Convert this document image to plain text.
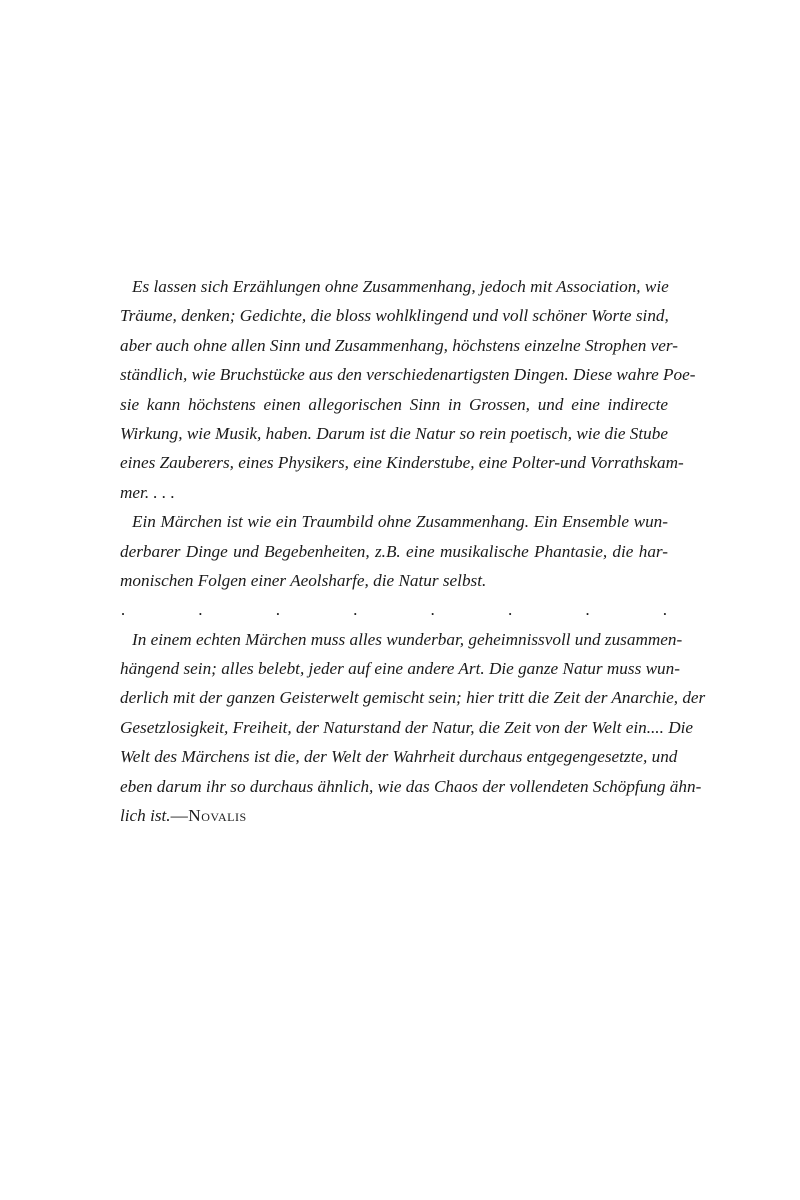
Es lassen sich Erzählungen ohne Zusammenhang, jedoch mit Association, wie
Träume, denken; Gedichte, die bloss wohlklingend und voll schöner Worte sind,
aber auch ohne allen Sinn und Zusammenhang, höchstens einzelne Strophen ver-
ständlich, wie Bruchstücke aus den verschiedenartigsten Dingen. Diese wahre Poe-
sie kann höchstens einen allegorischen Sinn in Grossen, und eine indirecte
Wirkung, wie Musik, haben. Darum ist die Natur so rein poetisch, wie die Stube
eines Zauberers, eines Physikers, eine Kinderstube, eine Polter-und Vorrathskam-
mer. . . .
Ein Märchen ist wie ein Traumbild ohne Zusammenhang. Ein Ensemble wun-
derbarer Dinge und Begebenheiten, z.B. eine musikalische Phantasie, die har-
monischen Folgen einer Aeolsharfe, die Natur selbst.
.	.	.	.	.	.	.	.
In einem echten Märchen muss alles wunderbar, geheimnissvoll und zusammen-
hängend sein; alles belebt, jeder auf eine andere Art. Die ganze Natur muss wun-
derlich mit der ganzen Geisterwelt gemischt sein; hier tritt die Zeit der Anarchie, der
Gesetzlosigkeit, Freiheit, der Naturstand der Natur, die Zeit von der Welt ein.... Die
Welt des Märchens ist die, der Welt der Wahrheit durchaus entgegengesetzte, und
eben darum ihr so durchaus ähnlich, wie das Chaos der vollendeten Schöpfung ähn-
lich ist.—Novalis
